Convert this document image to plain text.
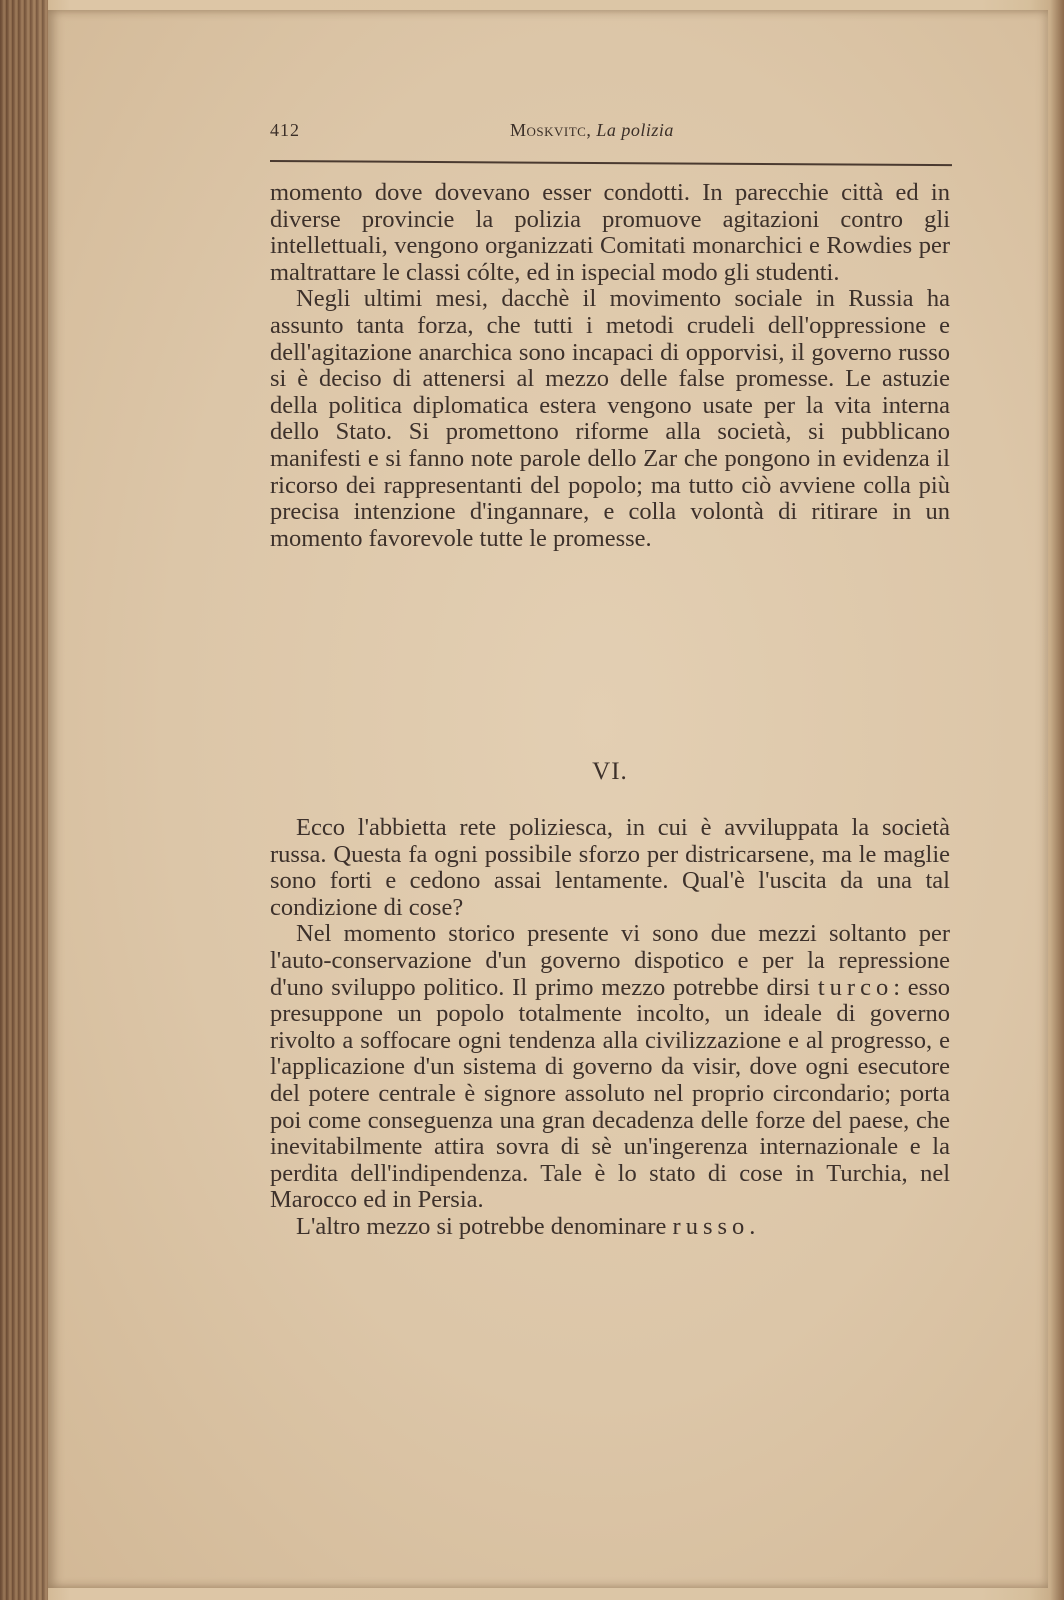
412	Moskvitc, La polizia

momento dove dovevano esser condotti. In parecchie città ed in diverse provincie la polizia promuove agitazioni contro gli intellettuali, vengono organizzati Comitati monarchici e Rowdies per maltrattare le classi cólte, ed in ispecial modo gli studenti.

Negli ultimi mesi, dacchè il movimento sociale in Russia ha assunto tanta forza, che tutti i metodi crudeli dell'oppressione e dell'agitazione anarchica sono incapaci di opporvisi, il governo russo si è deciso di attenersi al mezzo delle false promesse. Le astuzie della politica diplomatica estera vengono usate per la vita interna dello Stato. Si promettono riforme alla società, si pubblicano manifesti e si fanno note parole dello Zar che pongono in evidenza il ricorso dei rappresentanti del popolo; ma tutto ciò avviene colla più precisa intenzione d'ingannare, e colla volontà di ritirare in un momento favorevole tutte le promesse.

VI.

Ecco l'abbietta rete poliziesca, in cui è avviluppata la società russa. Questa fa ogni possibile sforzo per districarsene, ma le maglie sono forti e cedono assai lentamente. Qual'è l'uscita da una tal condizione di cose?

Nel momento storico presente vi sono due mezzi soltanto per l'auto-conservazione d'un governo dispotico e per la repressione d'uno sviluppo politico. Il primo mezzo potrebbe dirsi turco: esso presuppone un popolo totalmente incolto, un ideale di governo rivolto a soffocare ogni tendenza alla civilizzazione e al progresso, e l'applicazione d'un sistema di governo da visir, dove ogni esecutore del potere centrale è signore assoluto nel proprio circondario; porta poi come conseguenza una gran decadenza delle forze del paese, che inevitabilmente attira sovra di sè un'ingerenza internazionale e la perdita dell'indipendenza. Tale è lo stato di cose in Turchia, nel Marocco ed in Persia.

L'altro mezzo si potrebbe denominare russo.
